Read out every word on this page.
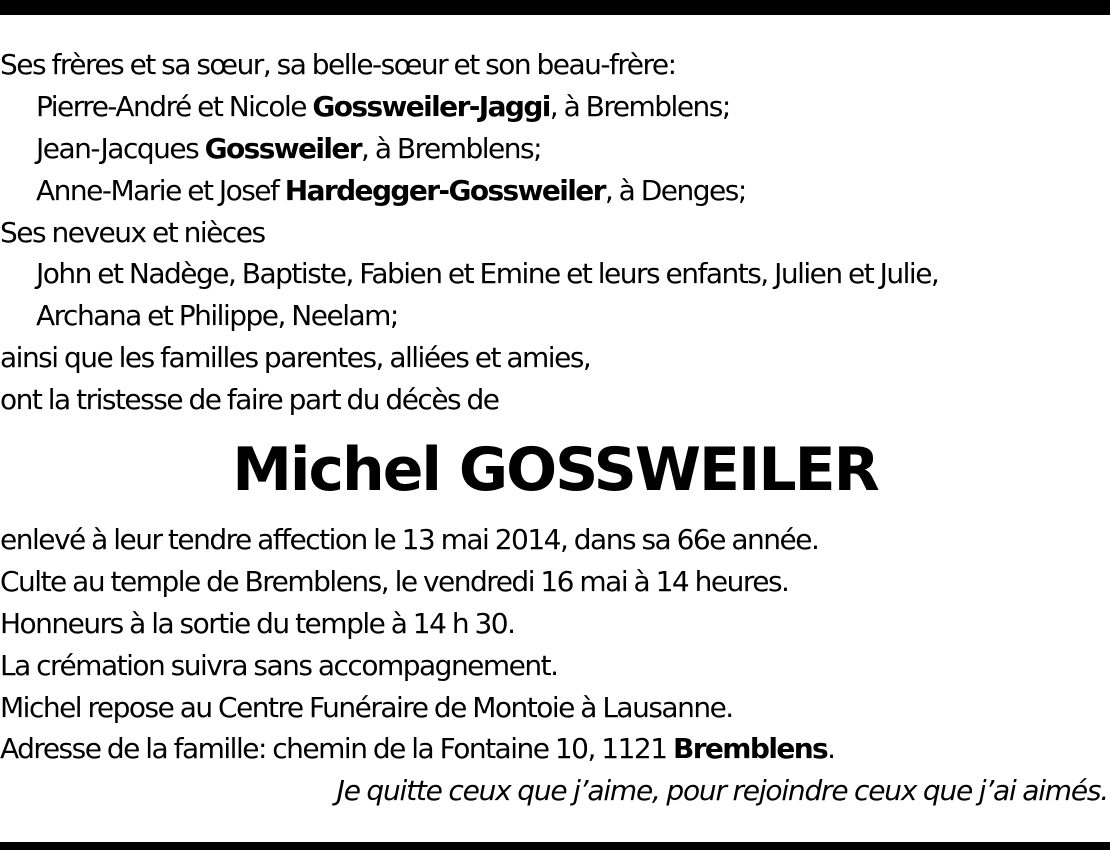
Ses frères et sa sœur, sa belle-sœur et son beau-frère:
Pierre-André et Nicole Gossweiler-Jaggi, à Bremblens;
Jean-Jacques Gossweiler, à Bremblens;
Anne-Marie et Josef Hardegger-Gossweiler, à Denges;
Ses neveux et nièces
John et Nadège, Baptiste, Fabien et Emine et leurs enfants, Julien et Julie,
Archana et Philippe, Neelam;
ainsi que les familles parentes, alliées et amies,
ont la tristesse de faire part du décès de
Michel GOSSWEILER
enlevé à leur tendre affection le 13 mai 2014, dans sa 66e année.
Culte au temple de Bremblens, le vendredi 16 mai à 14 heures.
Honneurs à la sortie du temple à 14 h 30.
La crémation suivra sans accompagnement.
Michel repose au Centre Funéraire de Montoie à Lausanne.
Adresse de la famille: chemin de la Fontaine 10, 1121 Bremblens.
Je quitte ceux que j’aime, pour rejoindre ceux que j’ai aimés.
